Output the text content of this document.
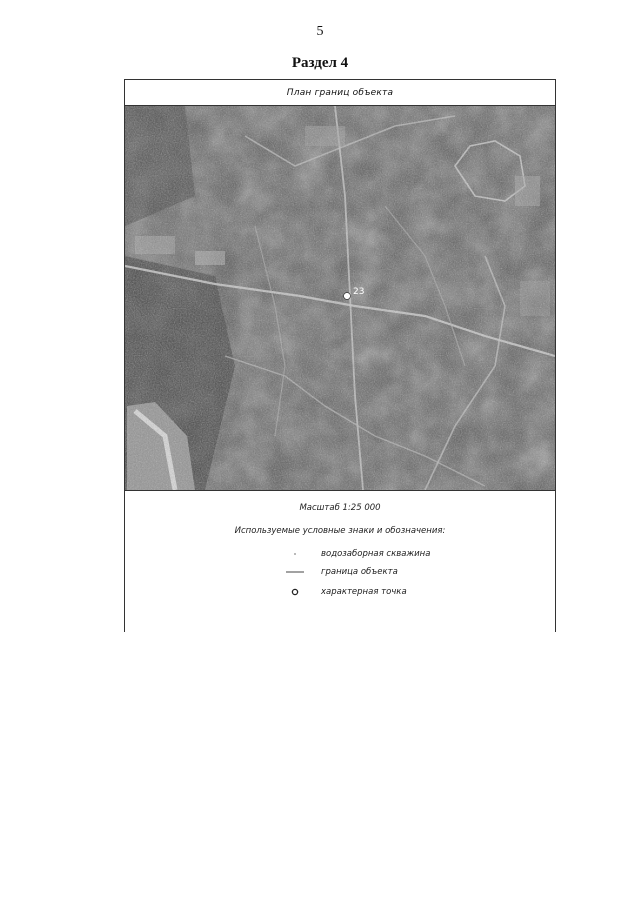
5
Раздел 4
План границ объекта
23
Масштаб 1:25 000
Используемые условные знаки и обозначения:
водозаборная скважина
граница объекта
характерная точка
